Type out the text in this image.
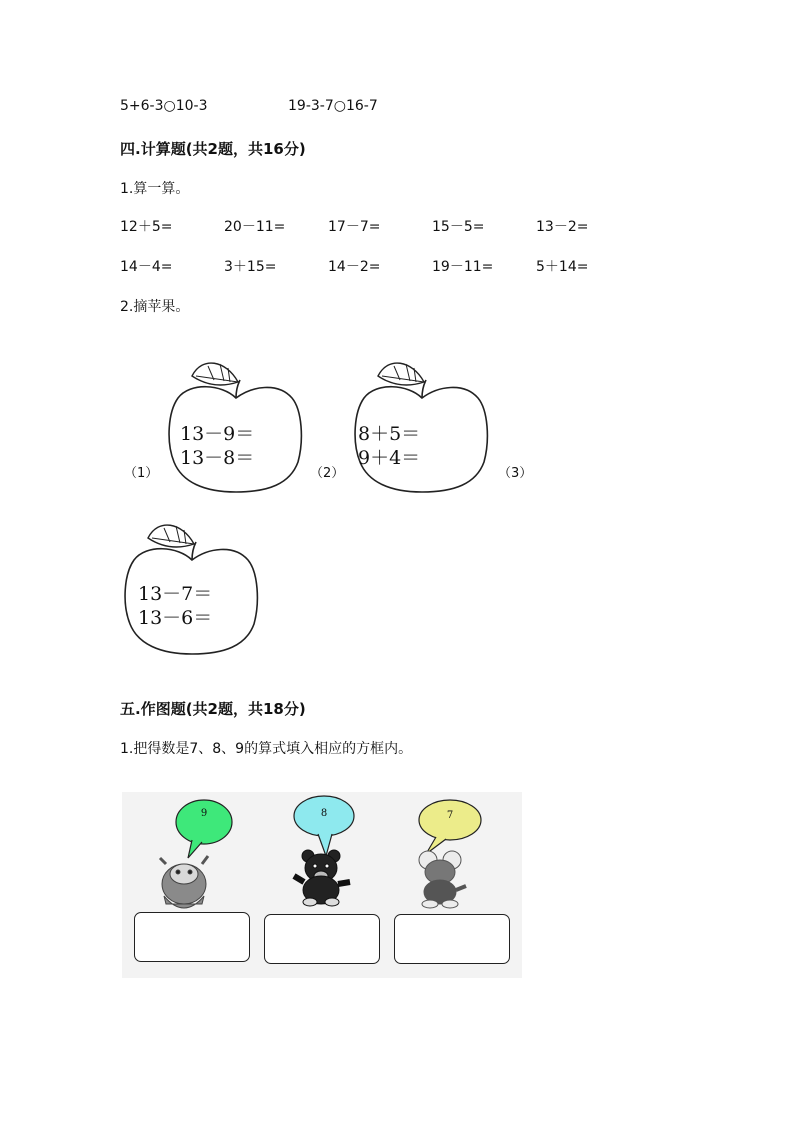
5+6-3○10-3	19-3-7○16-7
四.计算题(共2题，共16分)
1.算一算。
12＋5=	20－11=	17－7=	15－5=	13－2=
14－4=	3＋15=	14－2=	19－11=	5＋14=
2.摘苹果。
13－9＝
13－8＝
（1）
8＋5＝
9＋4＝
（2）	（3）
13－7＝
13－6＝
五.作图题(共2题，共18分)
1.把得数是7、8、9的算式填入相应的方框内。
9	8	7
